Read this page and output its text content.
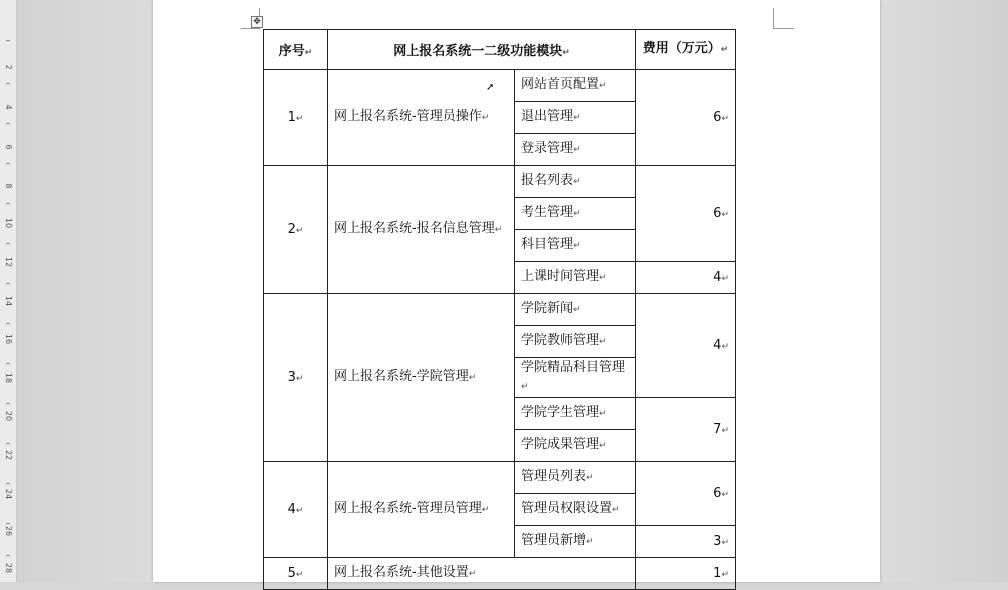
2
4
6
8
10
12
14
16
18
20
22
24
26
28
✥
序号↵	网上报名系统一二级功能模块↵		费用（万元）↵
1↵	网上报名系统-管理员操作↵	网站首页配置↵	6↵
		退出管理↵	
		登录管理↵	
2↵	网上报名系统-报名信息管理↵	报名列表↵	6↵
		考生管理↵	
		科目管理↵	
		上课时间管理↵	4↵
3↵	网上报名系统-学院管理↵	学院新闻↵	4↵
		学院教师管理↵	
		学院精品科目管理↵	
		学院学生管理↵	7↵
		学院成果管理↵	
4↵	网上报名系统-管理员管理↵	管理员列表↵	6↵
		管理员权限设置↵	
		管理员新增↵	3↵
5↵	网上报名系统-其他设置↵		1↵
➚
